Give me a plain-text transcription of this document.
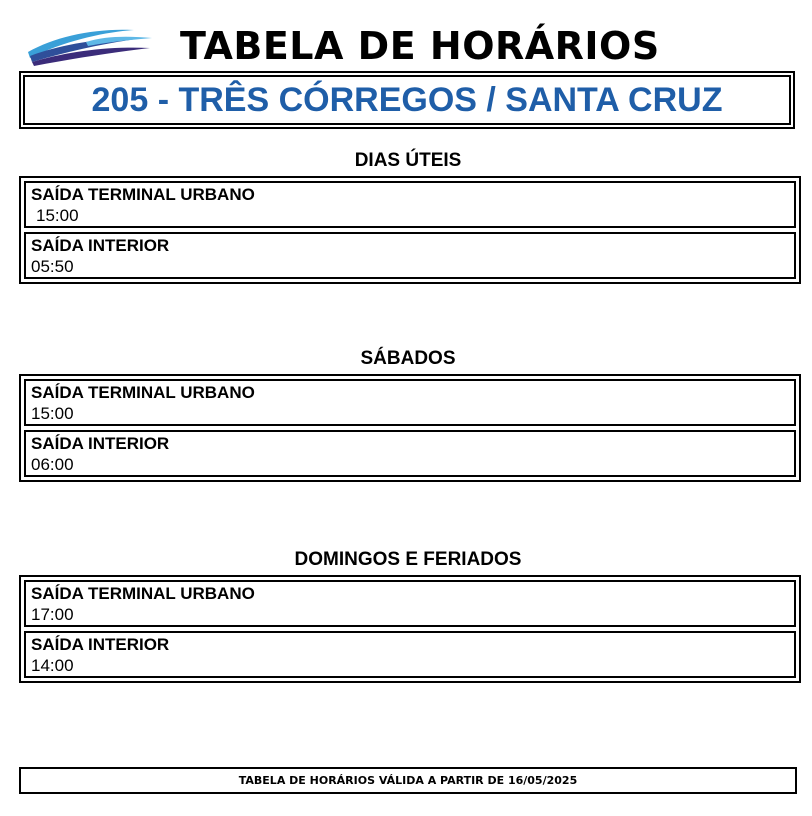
TABELA DE HORÁRIOS
205 - TRÊS CÓRREGOS / SANTA CRUZ
DIAS ÚTEIS
SAÍDA TERMINAL URBANO
15:00
SAÍDA INTERIOR
05:50
SÁBADOS
SAÍDA TERMINAL URBANO
15:00
SAÍDA INTERIOR
06:00
DOMINGOS E FERIADOS
SAÍDA TERMINAL URBANO
17:00
SAÍDA INTERIOR
14:00
TABELA DE HORÁRIOS VÁLIDA A PARTIR DE 16/05/2025
